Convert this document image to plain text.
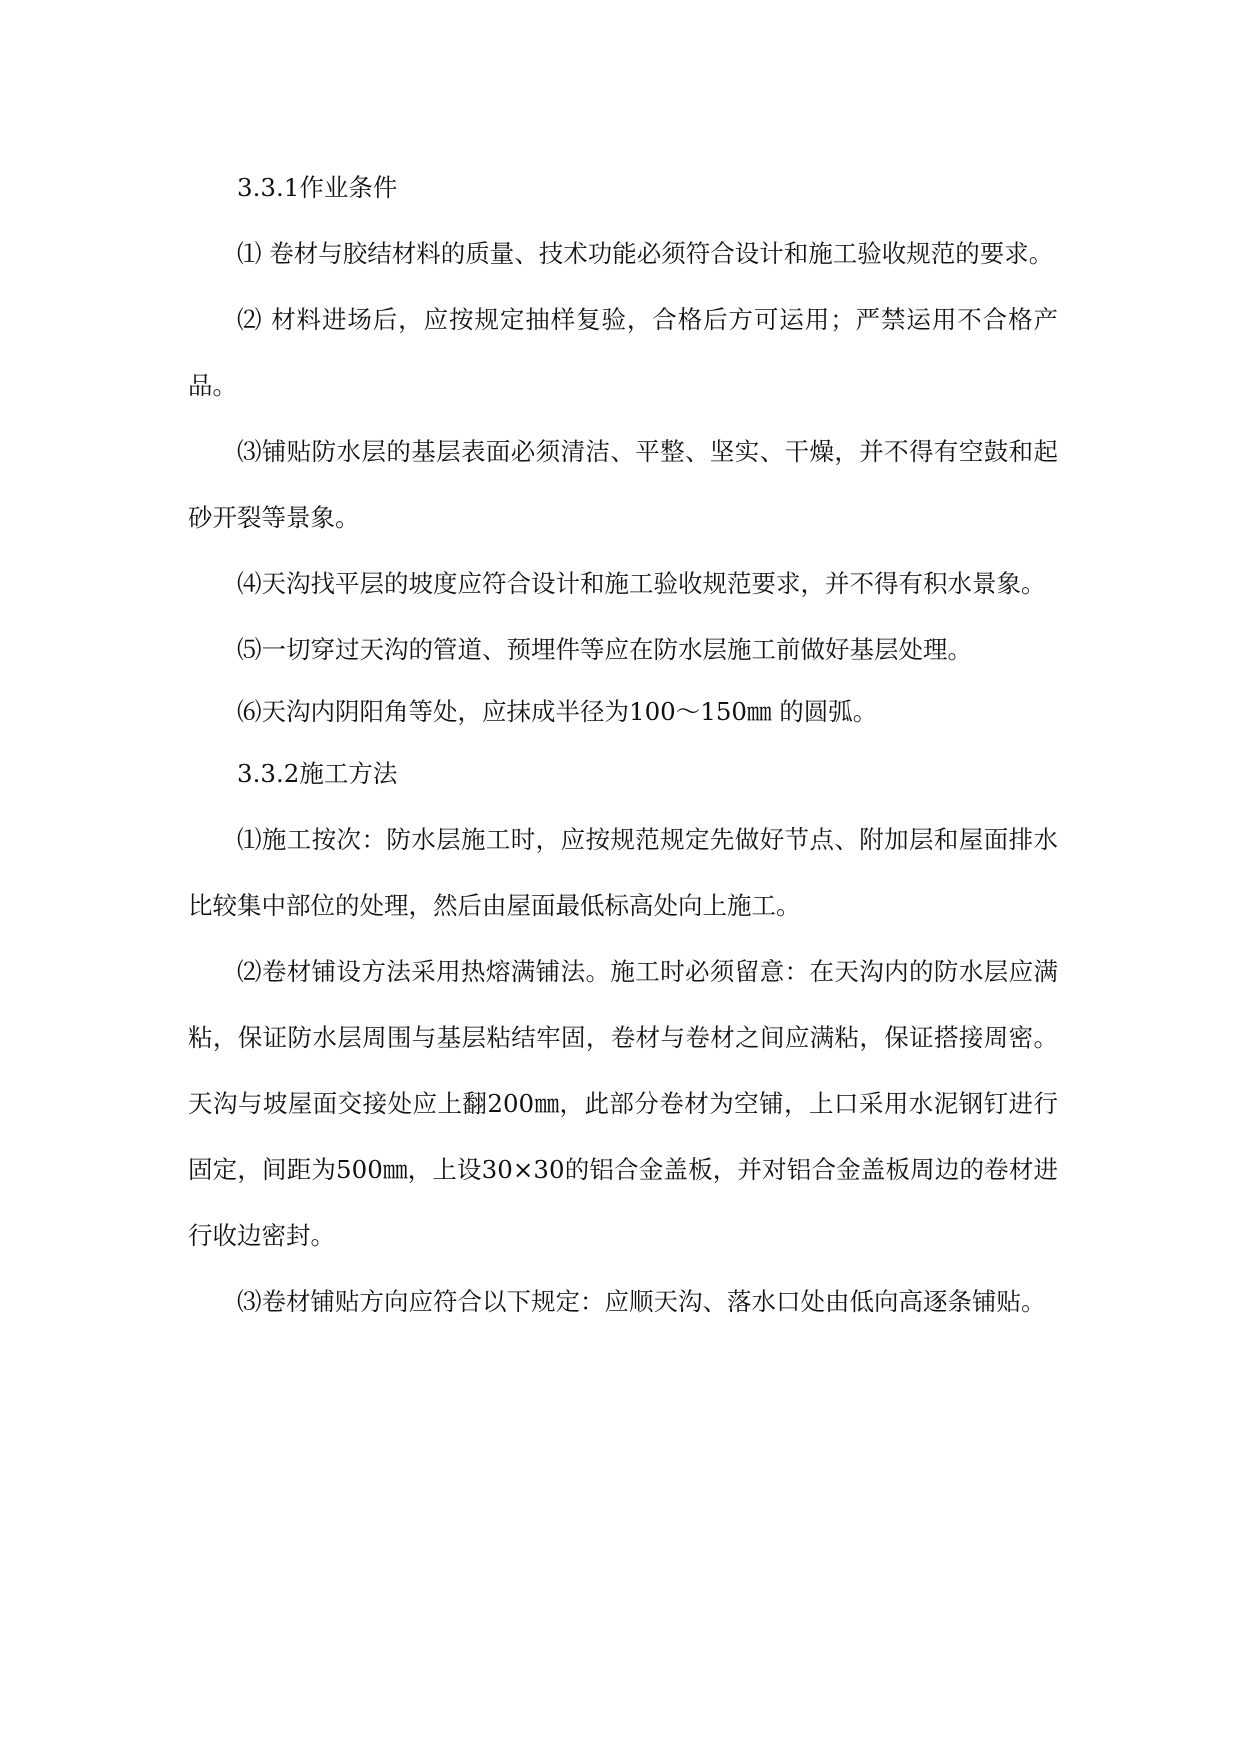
3.3.1作业条件

⑴ 卷材与胶结材料的质量、技术功能必须符合设计和施工验收规范的要求。

⑵ 材料进场后，应按规定抽样复验，合格后方可运用；严禁运用不合格产品。

⑶铺贴防水层的基层表面必须清洁、平整、坚实、干燥，并不得有空鼓和起砂开裂等景象。

⑷天沟找平层的坡度应符合设计和施工验收规范要求，并不得有积水景象。

⑸一切穿过天沟的管道、预埋件等应在防水层施工前做好基层处理。

⑹天沟内阴阳角等处，应抹成半径为100～150㎜ 的圆弧。

3.3.2施工方法

⑴施工按次：防水层施工时，应按规范规定先做好节点、附加层和屋面排水比较集中部位的处理，然后由屋面最低标高处向上施工。

⑵卷材铺设方法采用热熔满铺法。施工时必须留意：在天沟内的防水层应满粘，保证防水层周围与基层粘结牢固，卷材与卷材之间应满粘，保证搭接周密。天沟与坡屋面交接处应上翻200㎜，此部分卷材为空铺，上口采用水泥钢钉进行固定，间距为500㎜，上设30×30的铝合金盖板，并对铝合金盖板周边的卷材进行收边密封。

⑶卷材铺贴方向应符合以下规定：应顺天沟、落水口处由低向高逐条铺贴。
